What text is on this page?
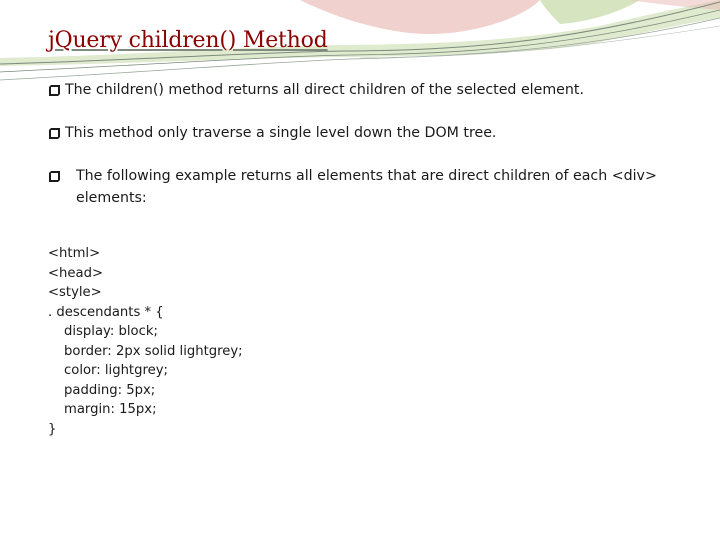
jQuery children() Method
The children() method returns all direct children of the selected element.
This method only traverse a single level down the DOM tree.
The following example returns all elements that are direct children of each <div> elements:
<html>
<head>
<style>
. descendants * {
display: block;
border: 2px solid lightgrey;
color: lightgrey;
padding: 5px;
margin: 15px;
}
